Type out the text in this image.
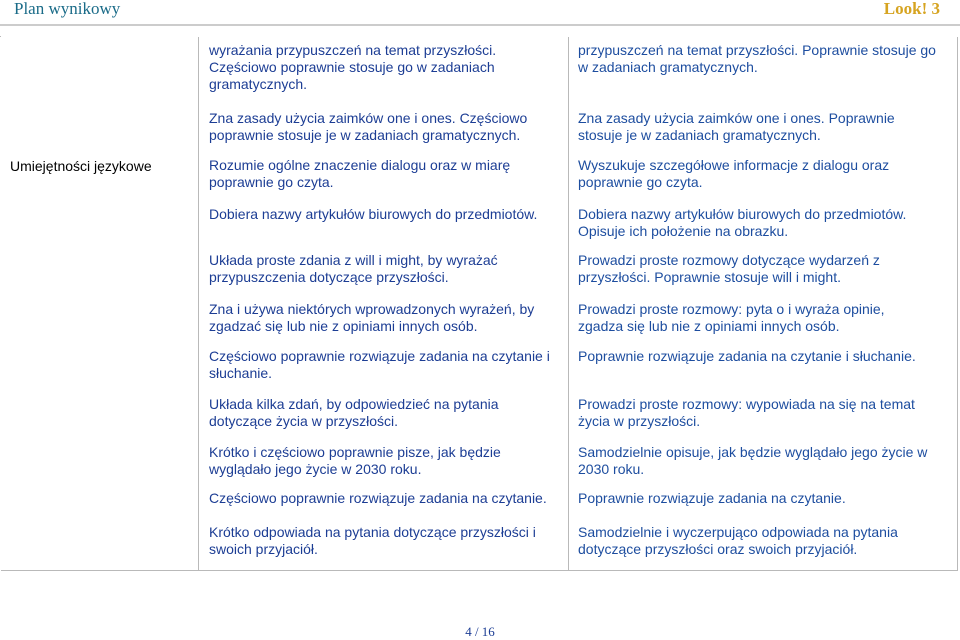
Plan wynikowy	Look! 3
Umiejętności językowe

wyrażania przypuszczeń na temat przyszłości. Częściowo poprawnie stosuje go w zadaniach gramatycznych.

Zna zasady użycia zaimków one i ones. Częściowo poprawnie stosuje je w zadaniach gramatycznych.

Rozumie ogólne znaczenie dialogu oraz w miarę poprawnie go czyta.

Dobiera nazwy artykułów biurowych do przedmiotów.

Układa proste zdania z will i might, by wyrażać przypuszczenia dotyczące przyszłości.

Zna i używa niektórych wprowadzonych wyrażeń, by zgadzać się lub nie z opiniami innych osób.

Częściowo poprawnie rozwiązuje zadania na czytanie i słuchanie.

Układa kilka zdań, by odpowiedzieć na pytania dotyczące życia w przyszłości.

Krótko i częściowo poprawnie pisze, jak będzie wyglądało jego życie w 2030 roku.

Częściowo poprawnie rozwiązuje zadania na czytanie.

Krótko odpowiada na pytania dotyczące przyszłości i swoich przyjaciół.

przypuszczeń na temat przyszłości. Poprawnie stosuje go w zadaniach gramatycznych.

Zna zasady użycia zaimków one i ones. Poprawnie stosuje je w zadaniach gramatycznych.

Wyszukuje szczegółowe informacje z dialogu oraz poprawnie go czyta.

Dobiera nazwy artykułów biurowych do przedmiotów. Opisuje ich położenie na obrazku.

Prowadzi proste rozmowy dotyczące wydarzeń z przyszłości. Poprawnie stosuje will i might.

Prowadzi proste rozmowy: pyta o i wyraża opinie, zgadza się lub nie z opiniami innych osób.

Poprawnie rozwiązuje zadania na czytanie i słuchanie.

Prowadzi proste rozmowy: wypowiada na się na temat życia w przyszłości.

Samodzielnie opisuje, jak będzie wyglądało jego życie w 2030 roku.

Poprawnie rozwiązuje zadania na czytanie.

Samodzielnie i wyczerpująco odpowiada na pytania dotyczące przyszłości oraz swoich przyjaciół.

4 / 16
